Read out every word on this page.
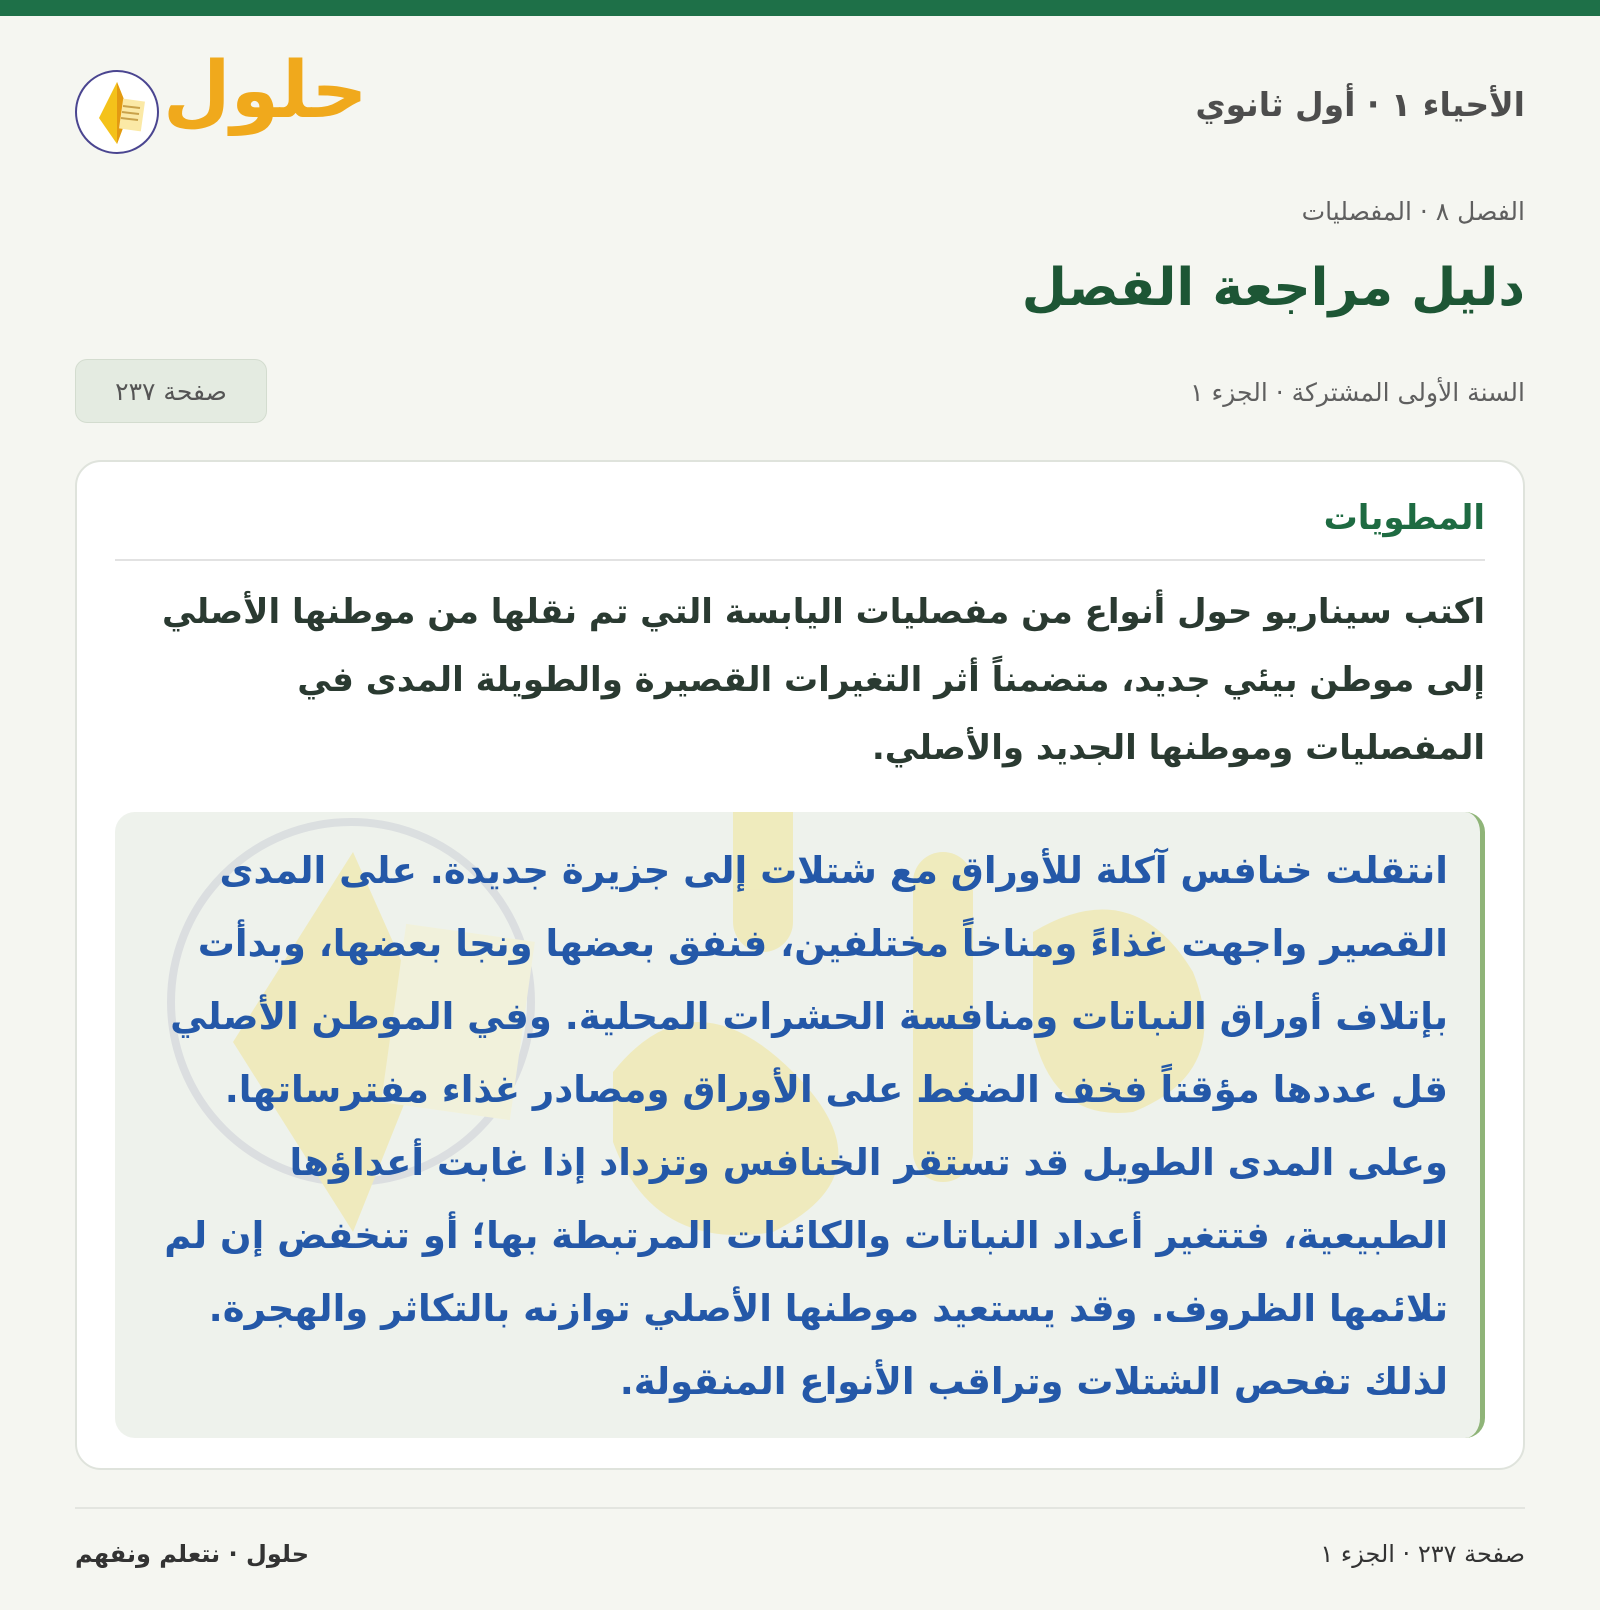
الأحياء ١ · أول ثانوي
حلول
الفصل ٨ · المفصليات
دليل مراجعة الفصل
السنة الأولى المشتركة · الجزء ١
صفحة ٢٣٧
المطويات
اكتب سيناريو حول أنواع من مفصليات اليابسة التي تم نقلها من موطنها الأصلي إلى موطن بيئي جديد، متضمناً أثر التغيرات القصيرة والطويلة المدى في المفصليات وموطنها الجديد والأصلي.
انتقلت خنافس آكلة للأوراق مع شتلات إلى جزيرة جديدة. على المدى القصير واجهت غذاءً ومناخاً مختلفين، فنفق بعضها ونجا بعضها، وبدأت بإتلاف أوراق النباتات ومنافسة الحشرات المحلية. وفي الموطن الأصلي قل عددها مؤقتاً فخف الضغط على الأوراق ومصادر غذاء مفترساتها. وعلى المدى الطويل قد تستقر الخنافس وتزداد إذا غابت أعداؤها الطبيعية، فتتغير أعداد النباتات والكائنات المرتبطة بها؛ أو تنخفض إن لم تلائمها الظروف. وقد يستعيد موطنها الأصلي توازنه بالتكاثر والهجرة. لذلك تفحص الشتلات وتراقب الأنواع المنقولة.
صفحة ٢٣٧ · الجزء ١
حلول · نتعلم ونفهم
